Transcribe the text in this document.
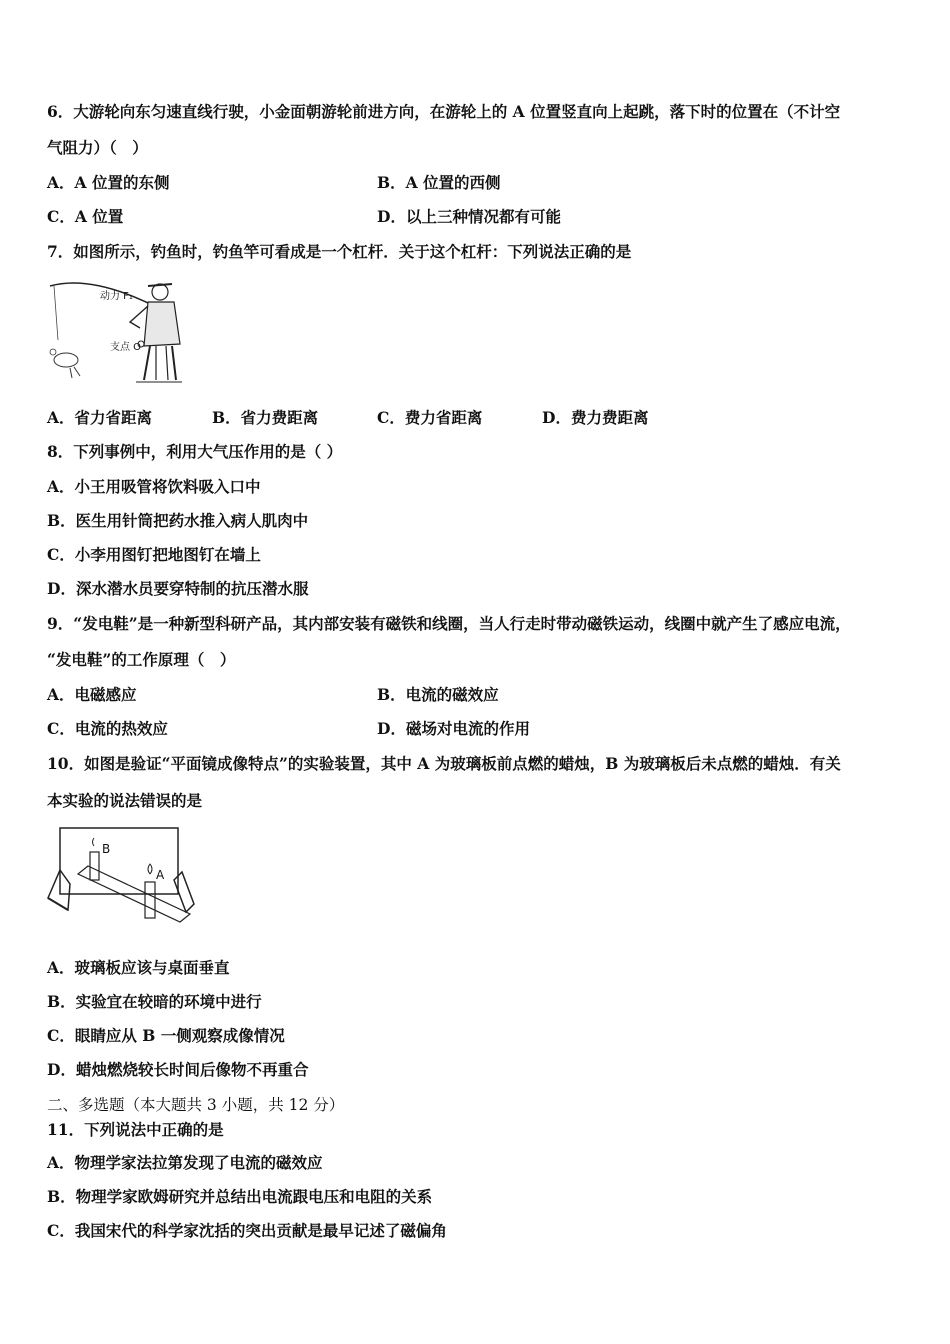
6．大游轮向东匀速直线行驶，小金面朝游轮前进方向，在游轮上的 A 位置竖直向上起跳，落下时的位置在（不计空
气阻力）（　）
A．A 位置的东侧	B．A 位置的西侧
C．A 位置	D．以上三种情况都有可能
7．如图所示，钓鱼时，钓鱼竿可看成是一个杠杆．关于这个杠杆：下列说法正确的是
动力 F₁
支点 O
A．省力省距离	B．省力费距离	C．费力省距离	D．费力费距离
8．下列事例中，利用大气压作用的是（ ）
A．小王用吸管将饮料吸入口中
B．医生用针筒把药水推入病人肌肉中
C．小李用图钉把地图钉在墙上
D．深水潜水员要穿特制的抗压潜水服
9．“发电鞋”是一种新型科研产品，其内部安装有磁铁和线圈，当人行走时带动磁铁运动，线圈中就产生了感应电流，
“发电鞋”的工作原理（　）
A．电磁感应	B．电流的磁效应
C．电流的热效应	D．磁场对电流的作用
10．如图是验证“平面镜成像特点”的实验装置，其中 A 为玻璃板前点燃的蜡烛，B 为玻璃板后未点燃的蜡烛．有关
本实验的说法错误的是
B
A
A．玻璃板应该与桌面垂直
B．实验宜在较暗的环境中进行
C．眼睛应从 B 一侧观察成像情况
D．蜡烛燃烧较长时间后像物不再重合
二、多选题（本大题共 3 小题，共 12 分）
11．下列说法中正确的是
A．物理学家法拉第发现了电流的磁效应
B．物理学家欧姆研究并总结出电流跟电压和电阻的关系
C．我国宋代的科学家沈括的突出贡献是最早记述了磁偏角
